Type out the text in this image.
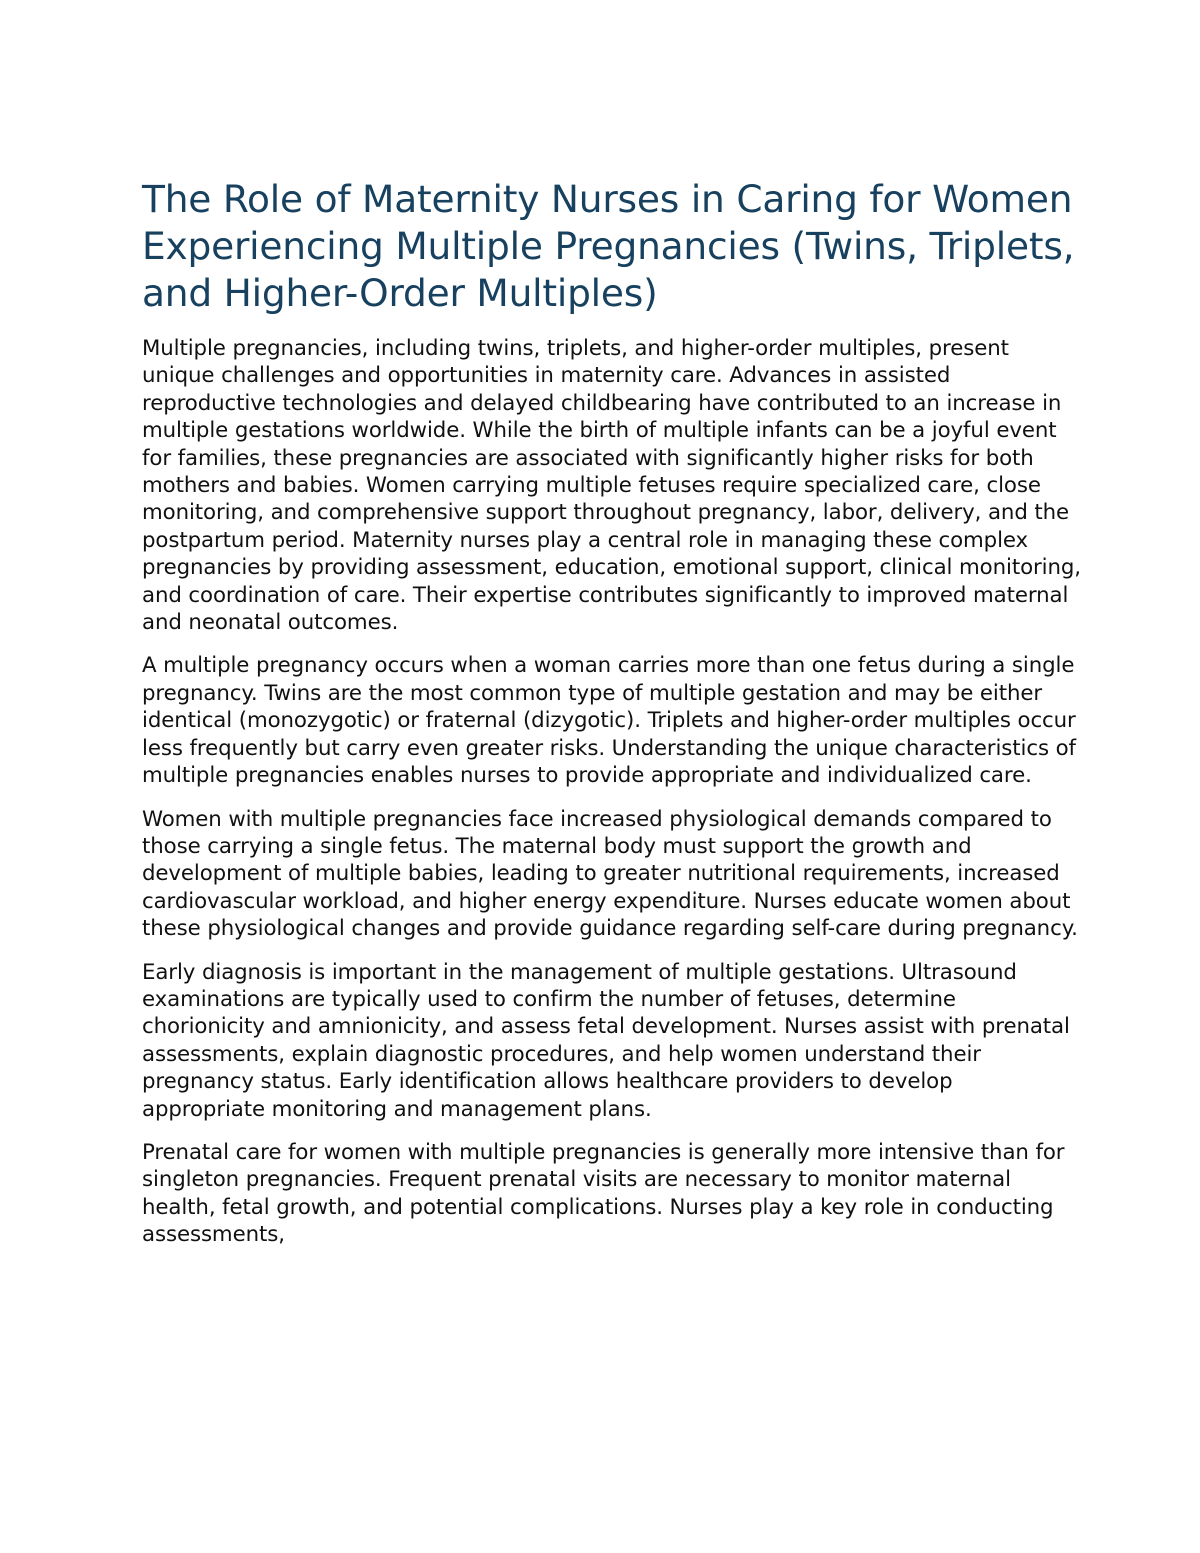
The Role of Maternity Nurses in Caring for Women Experiencing Multiple Pregnancies (Twins, Triplets, and Higher-Order Multiples)

Multiple pregnancies, including twins, triplets, and higher-order multiples, present unique challenges and opportunities in maternity care. Advances in assisted reproductive technologies and delayed childbearing have contributed to an increase in multiple gestations worldwide. While the birth of multiple infants can be a joyful event for families, these pregnancies are associated with significantly higher risks for both mothers and babies. Women carrying multiple fetuses require specialized care, close monitoring, and comprehensive support throughout pregnancy, labor, delivery, and the postpartum period. Maternity nurses play a central role in managing these complex pregnancies by providing assessment, education, emotional support, clinical monitoring, and coordination of care. Their expertise contributes significantly to improved maternal and neonatal outcomes.

A multiple pregnancy occurs when a woman carries more than one fetus during a single pregnancy. Twins are the most common type of multiple gestation and may be either identical (monozygotic) or fraternal (dizygotic). Triplets and higher-order multiples occur less frequently but carry even greater risks. Understanding the unique characteristics of multiple pregnancies enables nurses to provide appropriate and individualized care.

Women with multiple pregnancies face increased physiological demands compared to those carrying a single fetus. The maternal body must support the growth and development of multiple babies, leading to greater nutritional requirements, increased cardiovascular workload, and higher energy expenditure. Nurses educate women about these physiological changes and provide guidance regarding self-care during pregnancy.

Early diagnosis is important in the management of multiple gestations. Ultrasound examinations are typically used to confirm the number of fetuses, determine chorionicity and amnionicity, and assess fetal development. Nurses assist with prenatal assessments, explain diagnostic procedures, and help women understand their pregnancy status. Early identification allows healthcare providers to develop appropriate monitoring and management plans.

Prenatal care for women with multiple pregnancies is generally more intensive than for singleton pregnancies. Frequent prenatal visits are necessary to monitor maternal health, fetal growth, and potential complications. Nurses play a key role in conducting assessments,
